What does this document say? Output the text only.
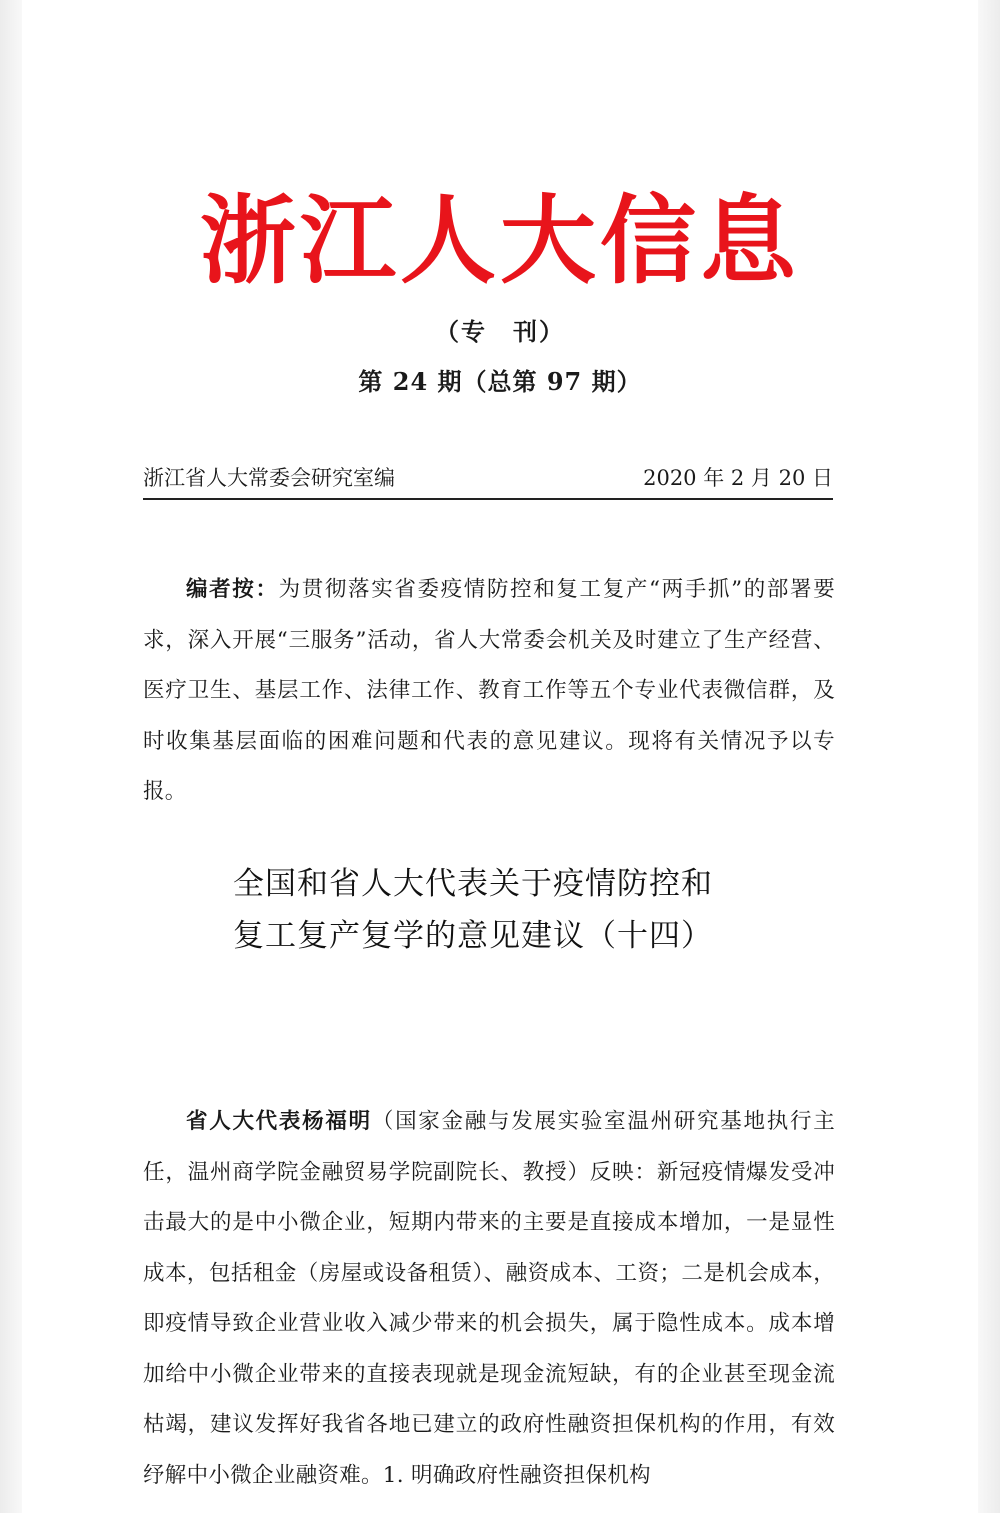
浙江人大信息
（专　刊）
第 24 期（总第 97 期）
浙江省人大常委会研究室编	2020 年 2 月 20 日
编者按：为贯彻落实省委疫情防控和复工复产“两手抓”的部署要求，深入开展“三服务”活动，省人大常委会机关及时建立了生产经营、医疗卫生、基层工作、法律工作、教育工作等五个专业代表微信群，及时收集基层面临的困难问题和代表的意见建议。现将有关情况予以专报。
全国和省人大代表关于疫情防控和
复工复产复学的意见建议（十四）
省人大代表杨福明（国家金融与发展实验室温州研究基地执行主任，温州商学院金融贸易学院副院长、教授）反映：新冠疫情爆发受冲击最大的是中小微企业，短期内带来的主要是直接成本增加，一是显性成本，包括租金（房屋或设备租赁）、融资成本、工资；二是机会成本，即疫情导致企业营业收入减少带来的机会损失，属于隐性成本。成本增加给中小微企业带来的直接表现就是现金流短缺，有的企业甚至现金流枯竭，建议发挥好我省各地已建立的政府性融资担保机构的作用，有效纾解中小微企业融资难。1. 明确政府性融资担保机构
